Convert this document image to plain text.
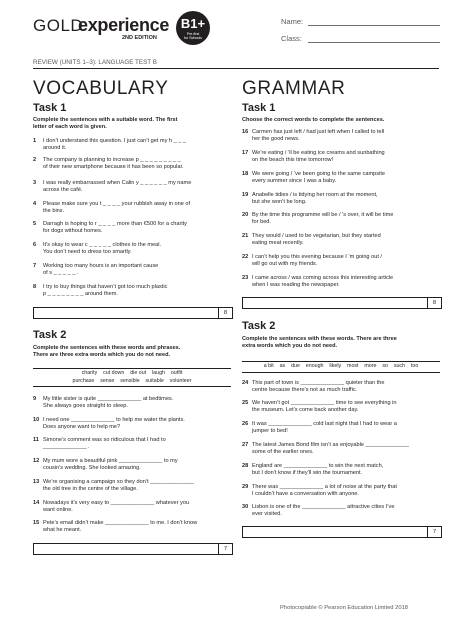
GOLD
experience
2ND EDITION
B1+
Pre-first
for Schools
Name:
Class:
REVIEW (UNITS 1–3): LANGUAGE TEST B
VOCABULARY
Task 1
Complete the sentences with a suitable word. The first
letter of each word is given.
1 I don’t understand this question. I just can’t get my h _ _ _
around it.
2 The company is planning to increase p _ _ _ _ _ _ _ _ _
of their new smartphone because it has been so popular.
3 I was really embarrassed when Calin y _ _ _ _ _ _ my name
across the café.
4 Please make sure you t _ _ _ _ your rubbish away in one of
the bins.
5 Darragh is hoping to r _ _ _ _ more than €500 for a charity
for dogs without homes.
6 It’s okay to wear c _ _ _ _ _ clothes to the meal.
You don’t need to dress too smartly.
7 Working too many hours is an important cause
of s _ _ _ _ _ .
8 I try to buy things that haven’t got too much plastic
p _ _ _ _ _ _ _ _ around them.
8
Task 2
Complete the sentences with these words and phrases.
There are three extra words which you do not need.
charity    cut down    die out    laugh    outfit
purchase    sense    sensible    suitable    volunteer
9 My little sister is quite ______________ at bedtimes.
She always goes straight to sleep.
10 I need one ______________ to help me water the plants.
Does anyone want to help me?
11 Simone’s comment was so ridiculous that I had to
______________ .
12 My mum wore a beautiful pink ______________ to my
cousin’s wedding. She looked amazing.
13 We’re organising a campaign so they don’t ______________
the old tree in the centre of the village.
14 Nowadays it’s very easy to ______________ whatever you
want online.
15 Pete’s email didn’t make ______________ to me. I don’t know
what he meant.
7
GRAMMAR
Task 1
Choose the correct words to complete the sentences.
16 Carmen has just left / had just left when I called to tell
her the good news.
17 We’re eating / ’ll be eating ice creams and sunbathing
on the beach this time tomorrow!
18 We were going / ’ve been going to the same campsite
every summer since I was a baby.
19 Anabelle tidies / is tidying her room at the moment,
but she won’t be long.
20 By the time this programme will be / ’s over, it will be time
for bed.
21 They would / used to be vegetarian, but they started
eating meat recently.
22 I can’t help you this evening because I ’m going out /
will go out with my friends.
23 I came across / was coming across this interesting article
when I was reading the newspaper.
8
Task 2
Complete the sentences with these words. There are three
extra words which you do not need.
a bit    as    due    enough    likely    most    more    so    such    too
24 This part of town is ______________ quieter than the
centre because there’s not as much traffic.
25 We haven’t got ______________ time to see everything in
the museum. Let’s come back another day.
26 It was ______________ cold last night that I had to wear a
jumper to bed!
27 The latest James Bond film isn’t as enjoyable ______________
some of the earlier ones.
28 England are ______________ to win the next match,
but I don’t know if they’ll win the tournament.
29 There was ______________ a lot of noise at the party that
I couldn’t have a conversation with anyone.
30 Lisbon is one of the ______________ attractive cities I’ve
ever visited.
7
Photocopiable © Pearson Education Limited 2018
